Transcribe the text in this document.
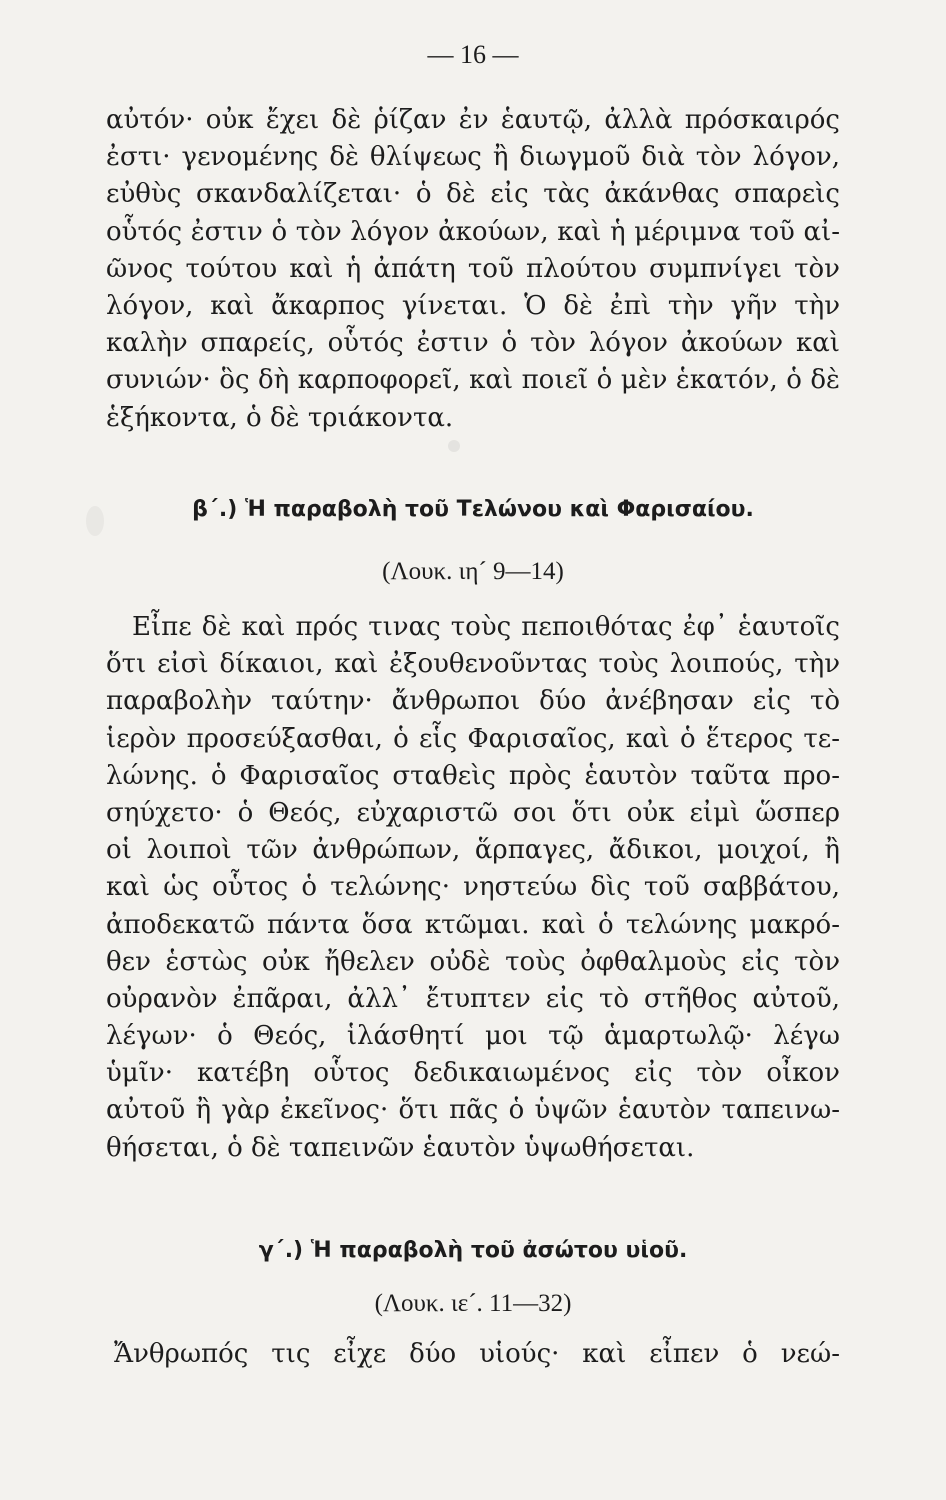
— 16 —
αὐτόν· οὐκ ἔχει δὲ ῥίζαν ἐν ἑαυτῷ, ἀλλὰ πρόσκαιρός
ἐστι· γενομένης δὲ θλίψεως ἢ διωγμοῦ διὰ τὸν λόγον,
εὐθὺς σκανδαλίζεται· ὁ δὲ εἰς τὰς ἀκάνθας σπαρεὶς
οὗτός ἐστιν ὁ τὸν λόγον ἀκούων, καὶ ἡ μέριμνα τοῦ αἰ-
ῶνος τούτου καὶ ἡ ἀπάτη τοῦ πλούτου συμπνίγει τὸν
λόγον, καὶ ἄκαρπος γίνεται. Ὁ δὲ ἐπὶ τὴν γῆν τὴν
καλὴν σπαρείς, οὗτός ἐστιν ὁ τὸν λόγον ἀκούων καὶ
συνιών· ὃς δὴ καρποφορεῖ, καὶ ποιεῖ ὁ μὲν ἑκατόν, ὁ δὲ
ἑξήκοντα, ὁ δὲ τριάκοντα.
β´.) Ἡ παραβολὴ τοῦ Τελώνου καὶ Φαρισαίου.
(Λουκ. ιη´ 9—14)
Εἶπε δὲ καὶ πρός τινας τοὺς πεποιθότας ἐφ᾽ ἑαυτοῖς
ὅτι εἰσὶ δίκαιοι, καὶ ἐξουθενοῦντας τοὺς λοιπούς, τὴν
παραβολὴν ταύτην· ἄνθρωποι δύο ἀνέβησαν εἰς τὸ
ἱερὸν προσεύξασθαι, ὁ εἷς Φαρισαῖος, καὶ ὁ ἕτερος τε-
λώνης. ὁ Φαρισαῖος σταθεὶς πρὸς ἑαυτὸν ταῦτα προ-
σηύχετο· ὁ Θεός, εὐχαριστῶ σοι ὅτι οὐκ εἰμὶ ὥσπερ
οἱ λοιποὶ τῶν ἀνθρώπων, ἅρπαγες, ἄδικοι, μοιχοί, ἢ
καὶ ὡς οὗτος ὁ τελώνης· νηστεύω δὶς τοῦ σαββάτου,
ἀποδεκατῶ πάντα ὅσα κτῶμαι. καὶ ὁ τελώνης μακρό-
θεν ἑστὼς οὐκ ἤθελεν οὐδὲ τοὺς ὀφθαλμοὺς εἰς τὸν
οὐρανὸν ἐπᾶραι, ἀλλ᾽ ἔτυπτεν εἰς τὸ στῆθος αὐτοῦ,
λέγων· ὁ Θεός, ἱλάσθητί μοι τῷ ἁμαρτωλῷ· λέγω
ὑμῖν· κατέβη οὗτος δεδικαιωμένος εἰς τὸν οἶκον
αὐτοῦ ἢ γὰρ ἐκεῖνος· ὅτι πᾶς ὁ ὑψῶν ἑαυτὸν ταπεινω-
θήσεται, ὁ δὲ ταπεινῶν ἑαυτὸν ὑψωθήσεται.
γ´.) Ἡ παραβολὴ τοῦ ἀσώτου υἱοῦ.
(Λουκ. ιε´. 11—32)
Ἄνθρωπός τις εἶχε δύο υἱούς· καὶ εἶπεν ὁ νεώ-
